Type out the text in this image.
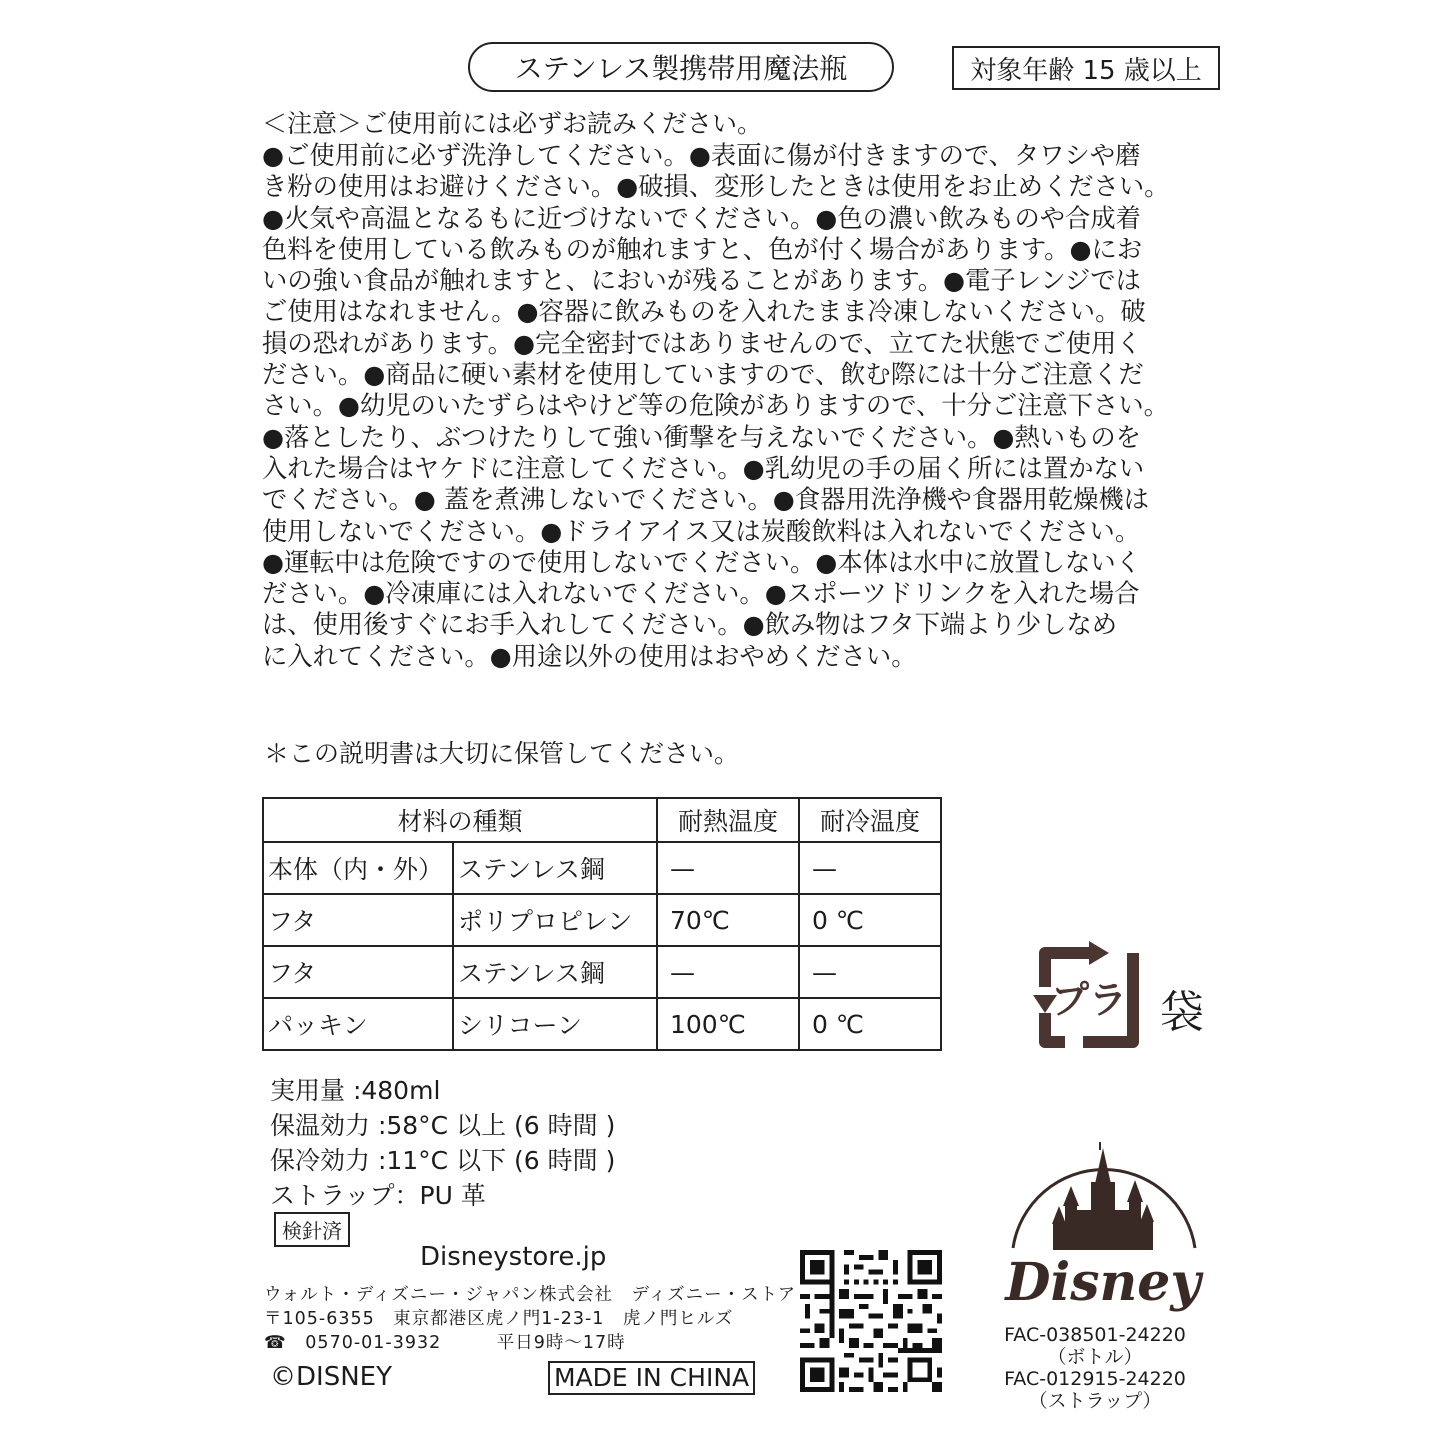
ステンレス製携帯用魔法瓶	対象年齢 15 歳以上
＜注意＞ご使用前には必ずお読みください。
●ご使用前に必ず洗浄してください。●表面に傷が付きますので、タワシや磨
き粉の使用はお避けください。●破損、変形したときは使用をお止めください。
●火気や高温となるもに近づけないでください。●色の濃い飲みものや合成着
色料を使用している飲みものが触れますと、色が付く場合があります。●にお
いの強い食品が触れますと、においが残ることがあります。●電子レンジでは
ご使用はなれません。●容器に飲みものを入れたまま冷凍しないください。破
損の恐れがあります。●完全密封ではありませんので、立てた状態でご使用く
ださい。●商品に硬い素材を使用していますので、飲む際には十分ご注意くだ
さい。●幼児のいたずらはやけど等の危険がありますので、十分ご注意下さい。
●落としたり、ぶつけたりして強い衝撃を与えないでください。●熱いものを
入れた場合はヤケドに注意してください。●乳幼児の手の届く所には置かない
でください。● 蓋を煮沸しないでください。●食器用洗浄機や食器用乾燥機は
使用しないでください。●ドライアイス又は炭酸飲料は入れないでください。
●運転中は危険ですので使用しないでください。●本体は水中に放置しないく
ださい。●冷凍庫には入れないでください。●スポーツドリンクを入れた場合
は、使用後すぐにお手入れしてください。●飲み物はフタ下端より少しなめ
に入れてください。●用途以外の使用はおやめください。
＊この説明書は大切に保管してください。
材料の種類		耐熱温度	耐冷温度
本体（内・外）	ステンレス鋼	—	—
フタ	ポリプロピレン	70℃	0 ℃
フタ	ステンレス鋼	—	—
パッキン	シリコーン	100℃	0 ℃
プラ 袋
実用量 :480ml
保温効力 :58°C 以上 (6 時間 )
保冷効力 :11°C 以下 (6 時間 )
ストラップ：PU 革
検針済
Disneystore.jp
ウォルト・ディズニー・ジャパン株式会社　ディズニー・ストア
〒105-6355　東京都港区虎ノ門1-23-1　虎ノ門ヒルズ
☎　0570-01-3932　　　平日9時～17時
©DISNEY	MADE IN CHINA
Disney
FAC-038501-24220
（ボトル）
FAC-012915-24220
（ストラップ）
